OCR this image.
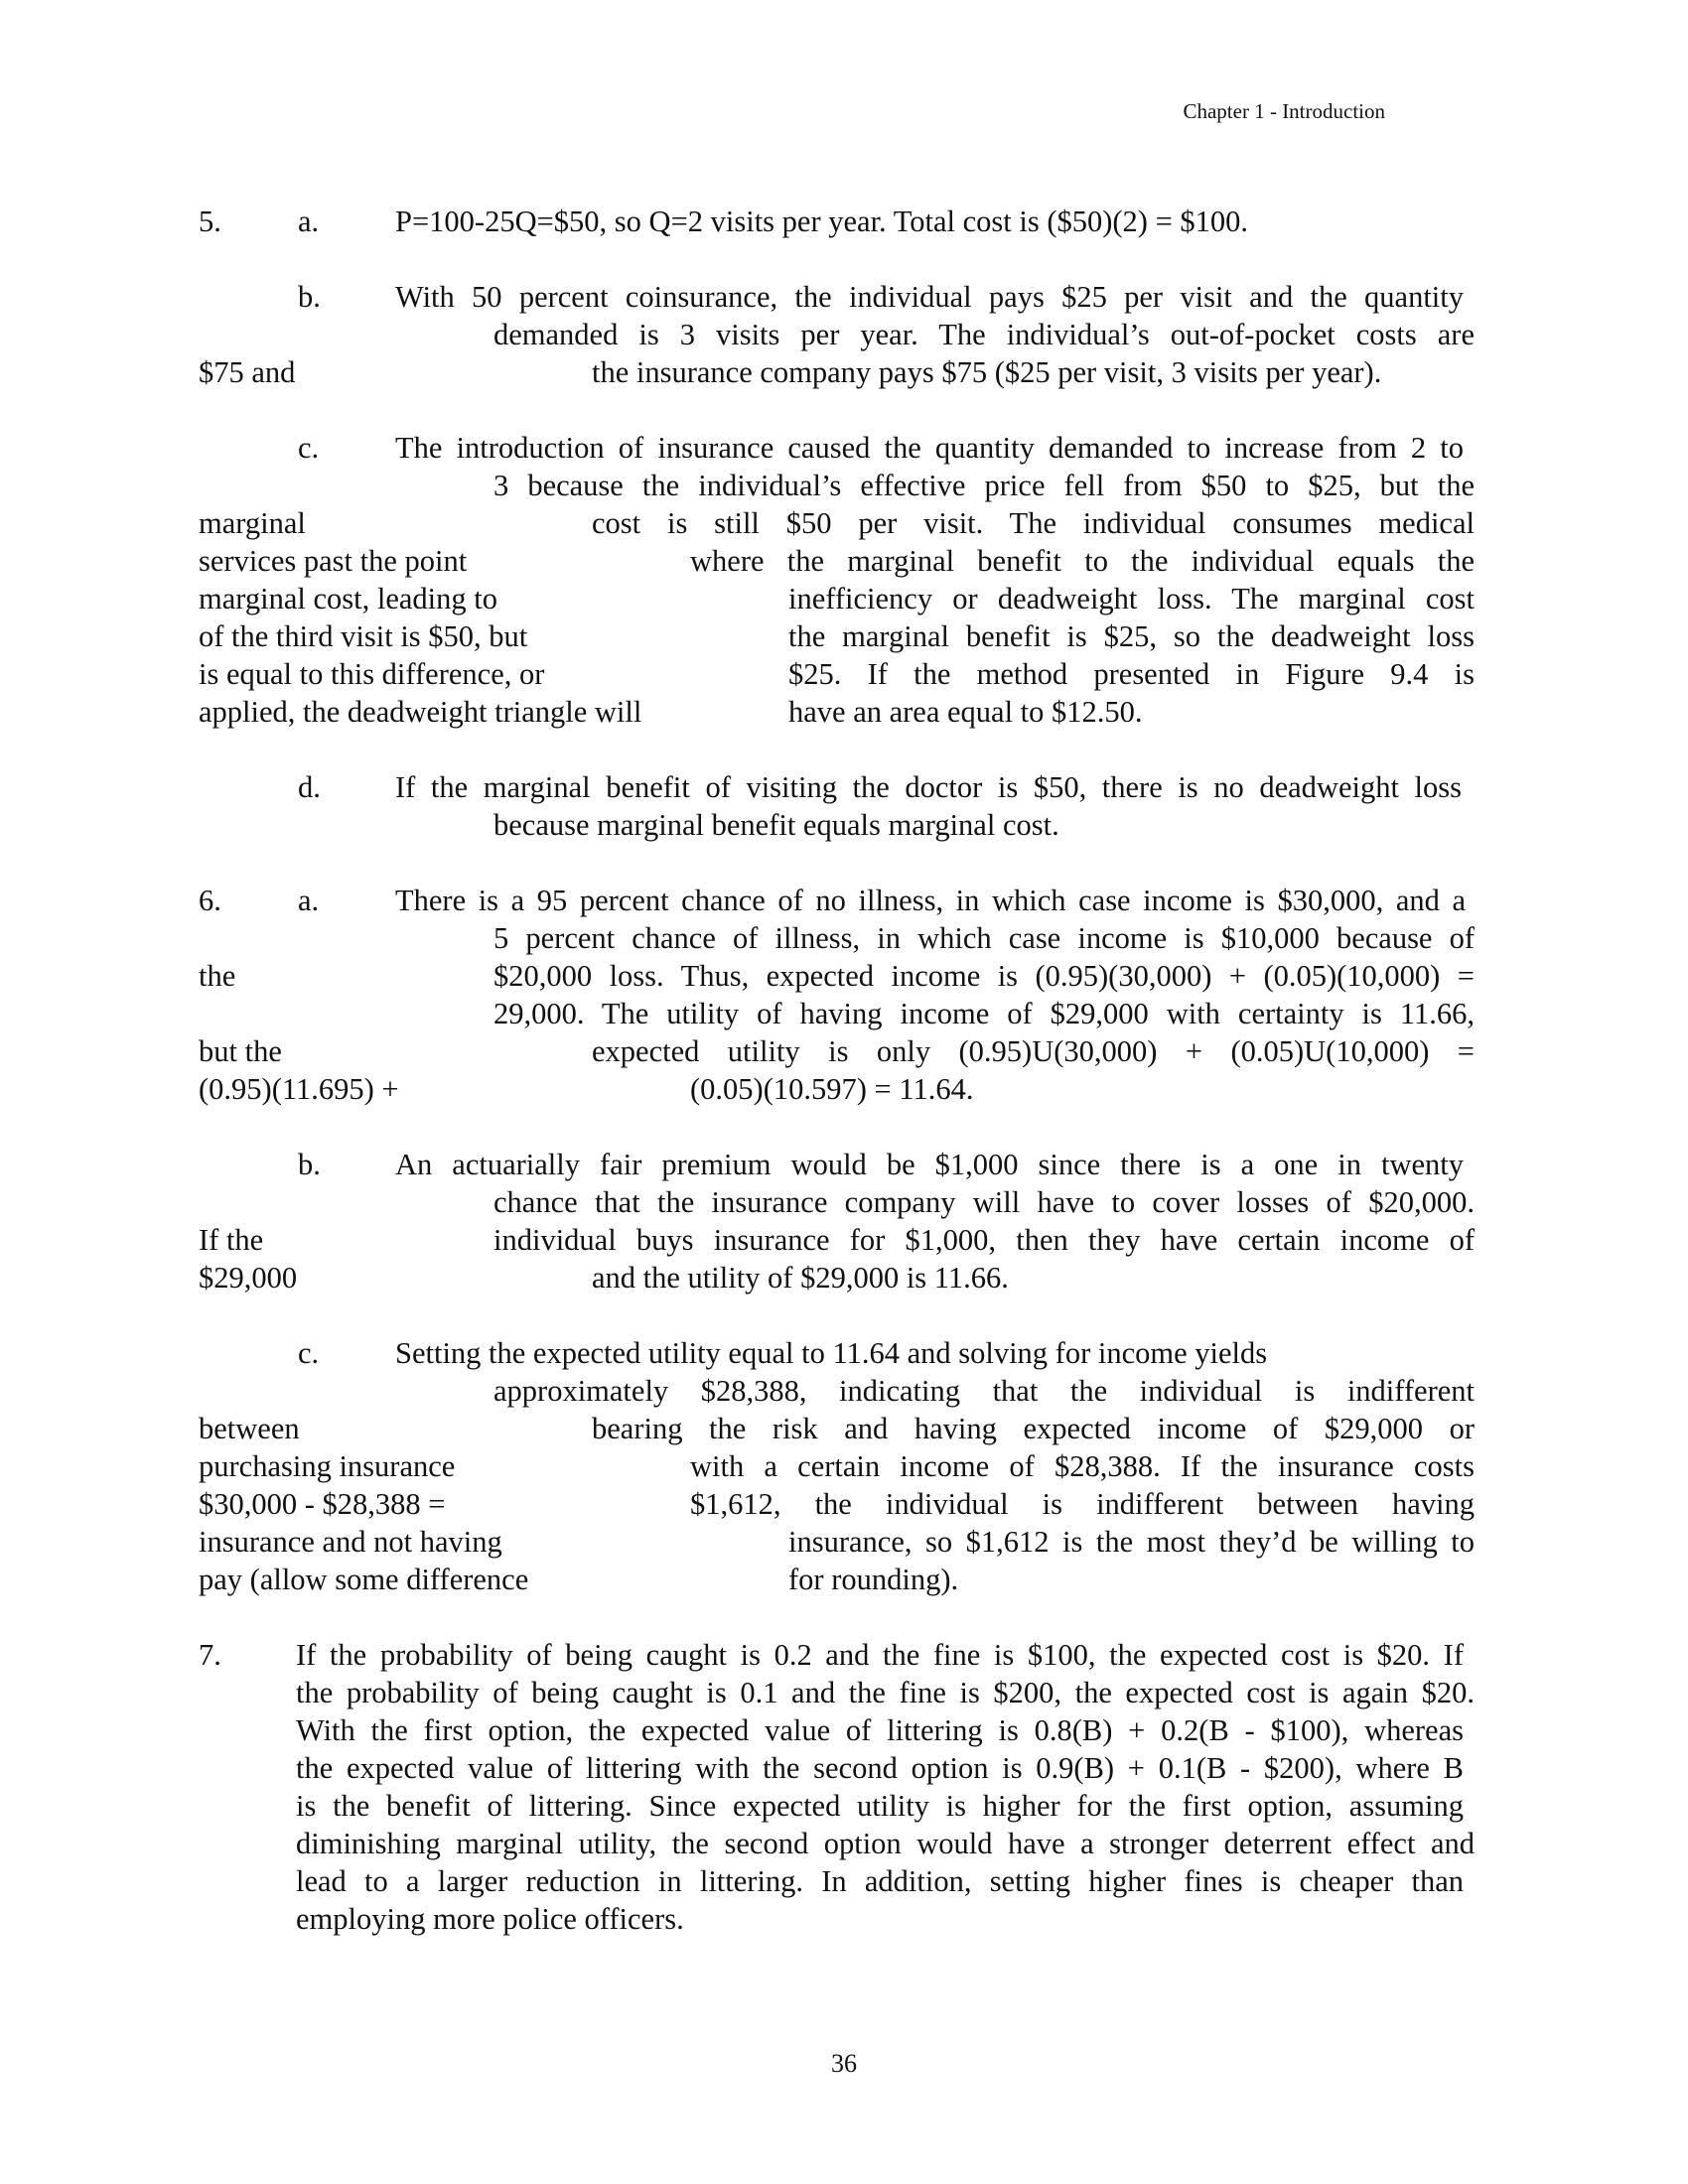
Chapter 1 - Introduction
5.	a.	P=100-25Q=$50, so Q=2 visits per year. Total cost is ($50)(2) = $100.
b. With 50 percent coinsurance, the individual pays $25 per visit and the quantity
demanded is 3 visits per year. The individual’s out-of-pocket costs are
$75 and	the insurance company pays $75 ($25 per visit, 3 visits per year).
c.	The introduction of insurance caused the quantity demanded to increase from 2 to
3 because the individual’s effective price fell from $50 to $25, but the
marginal	cost is still $50 per visit. The individual consumes medical
services past the point	where the marginal benefit to the individual equals the
marginal cost, leading to	inefficiency or deadweight loss. The marginal cost
of the third visit is $50, but	the marginal benefit is $25, so the deadweight loss
is equal to this difference, or	$25. If the method presented in Figure 9.4 is
applied, the deadweight triangle will	have an area equal to $12.50.
d. If the marginal benefit of visiting the doctor is $50, there is no deadweight loss
because marginal benefit equals marginal cost.
6.	a.	There is a 95 percent chance of no illness, in which case income is $30,000, and a
5 percent chance of illness, in which case income is $10,000 because of
the	$20,000 loss. Thus, expected income is (0.95)(30,000) + (0.05)(10,000) =
29,000. The utility of having income of $29,000 with certainty is 11.66,
but the	expected utility is only (0.95)U(30,000) + (0.05)U(10,000) =
(0.95)(11.695) +	(0.05)(10.597) = 11.64.
b. An actuarially fair premium would be $1,000 since there is a one in twenty
chance that the insurance company will have to cover losses of $20,000.
If the	individual buys insurance for $1,000, then they have certain income of
$29,000	and the utility of $29,000 is 11.66.
c.	Setting the expected utility equal to 11.64 and solving for income yields
approximately $28,388, indicating that the individual is indifferent
between	bearing the risk and having expected income of $29,000 or
purchasing insurance	with a certain income of $28,388. If the insurance costs
$30,000 - $28,388 =	$1,612, the individual is indifferent between having
insurance and not having	insurance, so $1,612 is the most they’d be willing to
pay (allow some difference	for rounding).
7. If the probability of being caught is 0.2 and the fine is $100, the expected cost is $20. If
the probability of being caught is 0.1 and the fine is $200, the expected cost is again $20.
With the first option, the expected value of littering is 0.8(B) + 0.2(B - $100), whereas
the expected value of littering with the second option is 0.9(B) + 0.1(B - $200), where B
is the benefit of littering. Since expected utility is higher for the first option, assuming
diminishing marginal utility, the second option would have a stronger deterrent effect and
lead to a larger reduction in littering. In addition, setting higher fines is cheaper than
employing more police officers.
36
